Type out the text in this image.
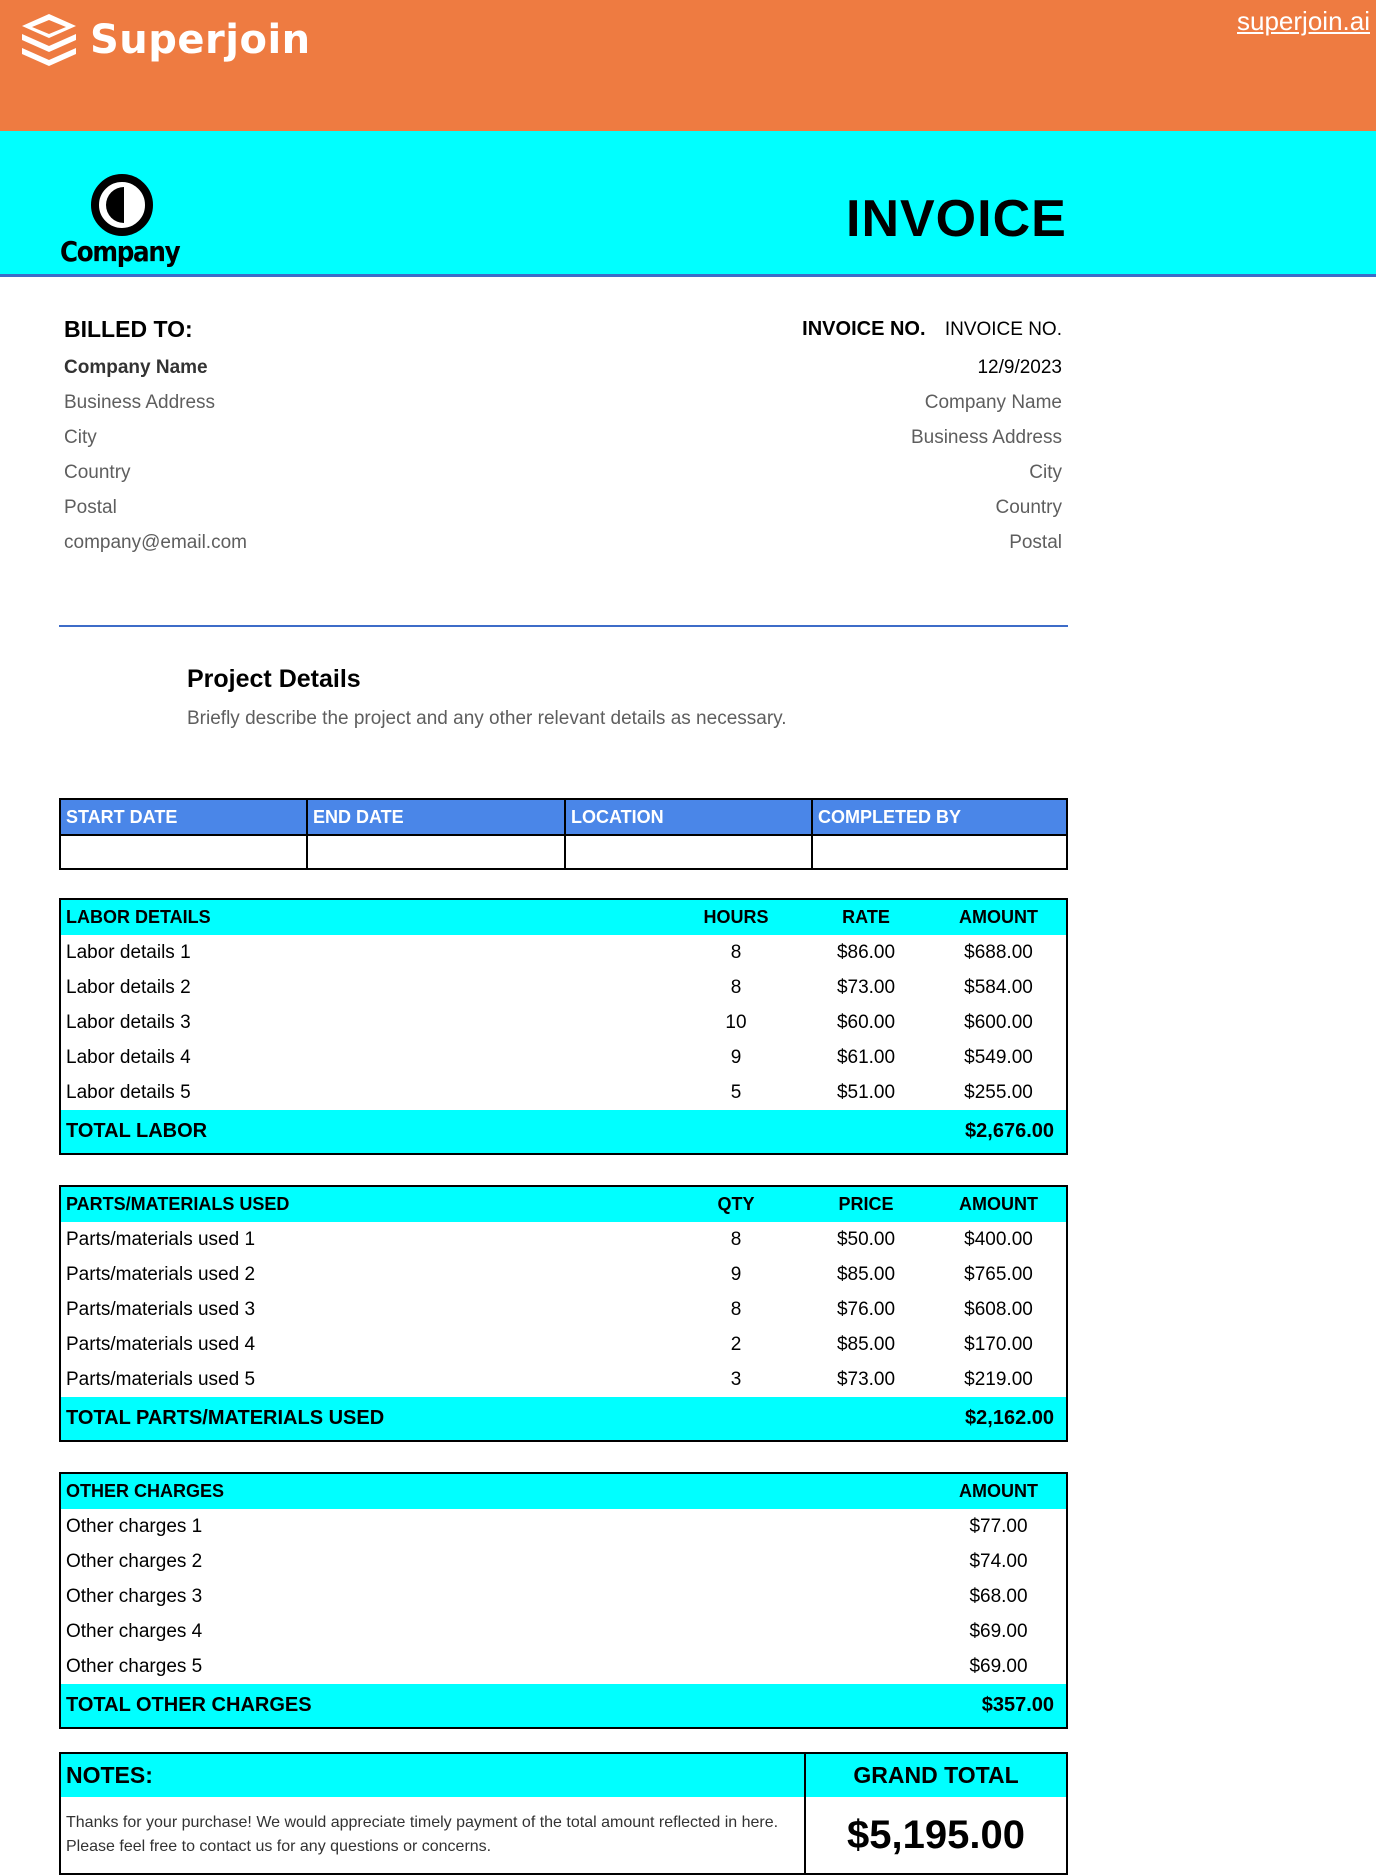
Superjoin	superjoin.ai
Company
INVOICE
BILLED TO:
Company Name
Business Address
City
Country
Postal
company@email.com
INVOICE NO. INVOICE NO.
12/9/2023
Company Name
Business Address
City
Country
Postal
Project Details
Briefly describe the project and any other relevant details as necessary.
START DATE	END DATE	LOCATION	COMPLETED BY

LABOR DETAILS	HOURS	RATE	AMOUNT
Labor details 1	8	$86.00	$688.00
Labor details 2	8	$73.00	$584.00
Labor details 3	10	$60.00	$600.00
Labor details 4	9	$61.00	$549.00
Labor details 5	5	$51.00	$255.00
TOTAL LABOR			$2,676.00
PARTS/MATERIALS USED	QTY	PRICE	AMOUNT
Parts/materials used 1	8	$50.00	$400.00
Parts/materials used 2	9	$85.00	$765.00
Parts/materials used 3	8	$76.00	$608.00
Parts/materials used 4	2	$85.00	$170.00
Parts/materials used 5	3	$73.00	$219.00
TOTAL PARTS/MATERIALS USED			$2,162.00
OTHER CHARGES	AMOUNT
Other charges 1	$77.00
Other charges 2	$74.00
Other charges 3	$68.00
Other charges 4	$69.00
Other charges 5	$69.00
TOTAL OTHER CHARGES	$357.00
NOTES:	GRAND TOTAL
Thanks for your purchase! We would appreciate timely payment of the total amount reflected in here. Please feel free to contact us for any questions or concerns.	$5,195.00
